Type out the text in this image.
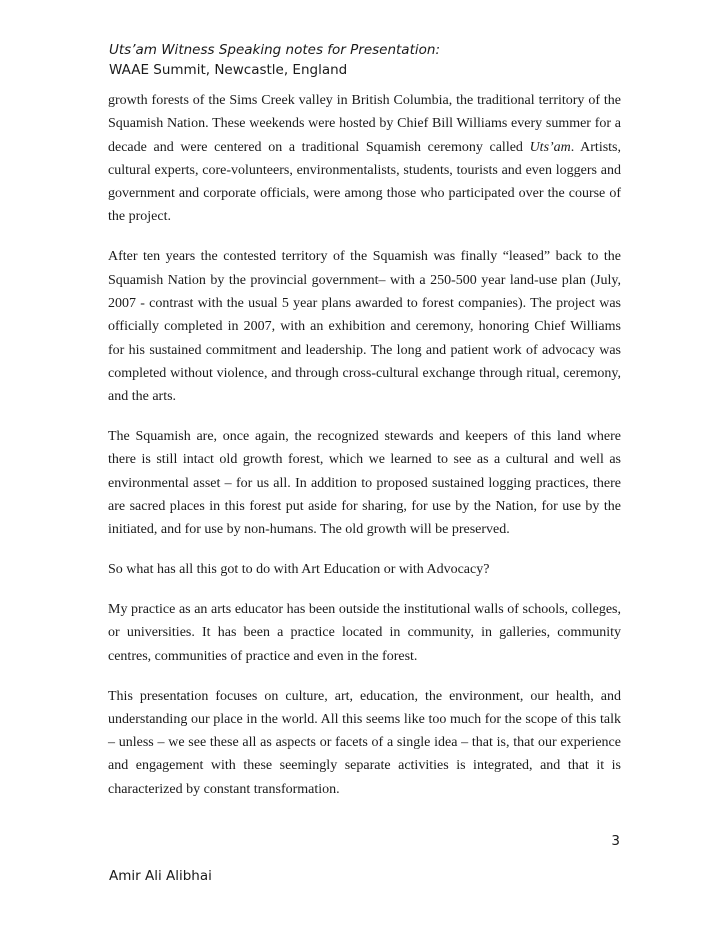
Uts’am Witness Speaking notes for Presentation:
WAAE Summit, Newcastle, England

growth forests of the Sims Creek valley in British Columbia, the traditional territory of the Squamish Nation. These weekends were hosted by Chief Bill Williams every summer for a decade and were centered on a traditional Squamish ceremony called Uts’am. Artists, cultural experts, core-volunteers, environmentalists, students, tourists and even loggers and government and corporate officials, were among those who participated over the course of the project.

After ten years the contested territory of the Squamish was finally “leased” back to the Squamish Nation by the provincial government– with a 250-500 year land-use plan (July, 2007 - contrast with the usual 5 year plans awarded to forest companies). The project was officially completed in 2007, with an exhibition and ceremony, honoring Chief Williams for his sustained commitment and leadership. The long and patient work of advocacy was completed without violence, and through cross-cultural exchange through ritual, ceremony, and the arts.

The Squamish are, once again, the recognized stewards and keepers of this land where there is still intact old growth forest, which we learned to see as a cultural and well as environmental asset – for us all. In addition to proposed sustained logging practices, there are sacred places in this forest put aside for sharing, for use by the Nation, for use by the initiated, and for use by non-humans. The old growth will be preserved.

So what has all this got to do with Art Education or with Advocacy?

My practice as an arts educator has been outside the institutional walls of schools, colleges, or universities. It has been a practice located in community, in galleries, community centres, communities of practice and even in the forest.

This presentation focuses on culture, art, education, the environment, our health, and understanding our place in the world. All this seems like too much for the scope of this talk – unless – we see these all as aspects or facets of a single idea – that is, that our experience and engagement with these seemingly separate activities is integrated, and that it is characterized by constant transformation.

3
Amir Ali Alibhai
